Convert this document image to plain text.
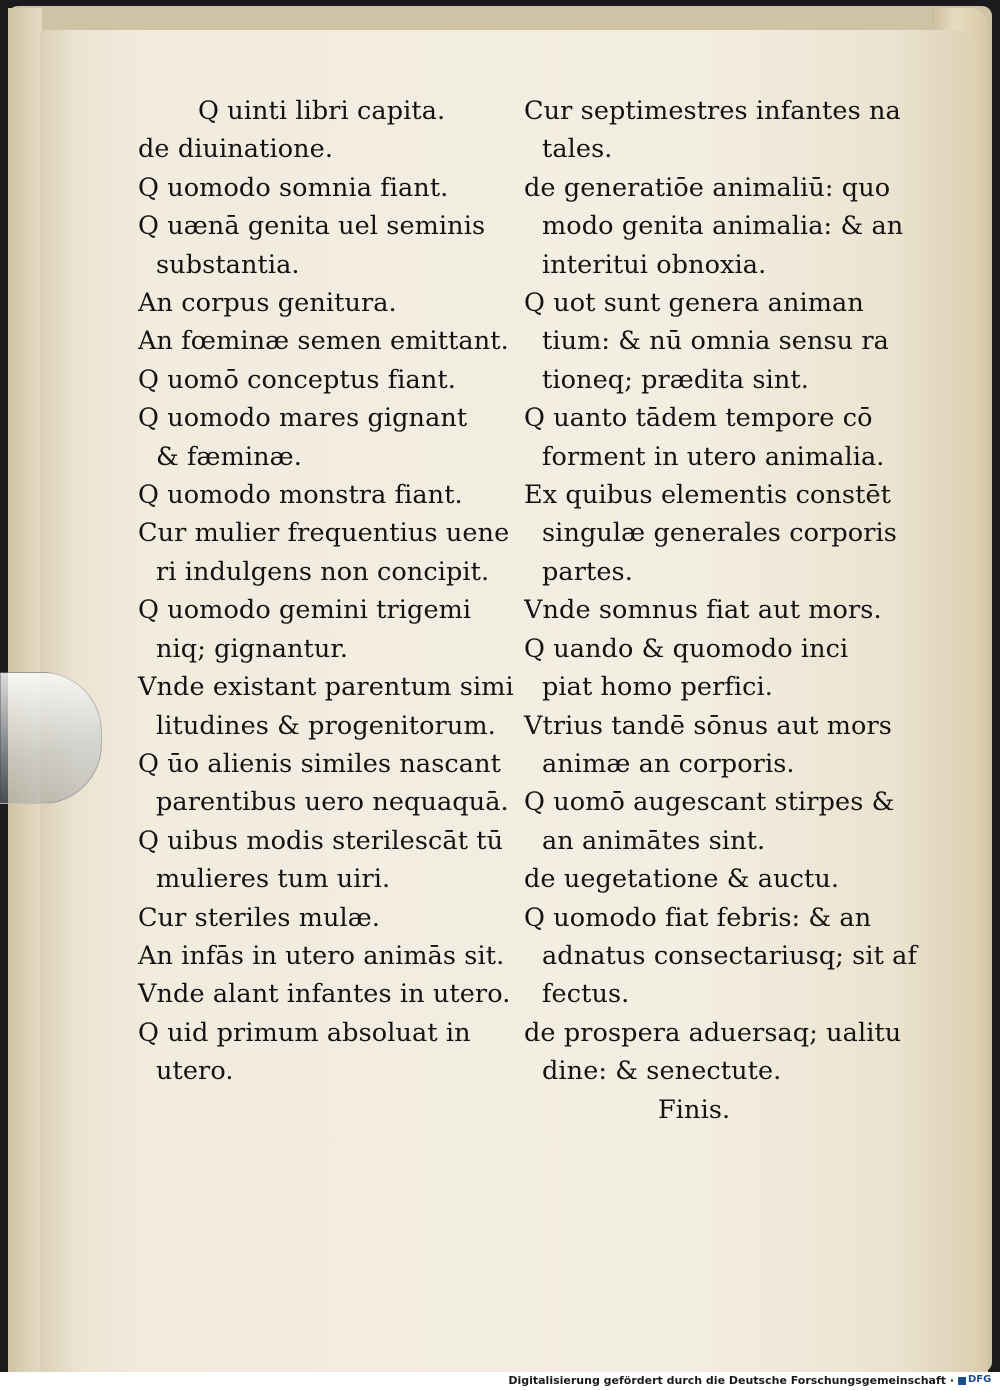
Q uinti libri capita.
de diuinatione.
Q uomodo somnia fiant.
Q uænā genita uel seminis
substantia.
An corpus genitura.
An fœminæ semen emittant.
Q uomō conceptus fiant.
Q uomodo mares gignant
& fæminæ.
Q uomodo monstra fiant.
Cur mulier frequentius uene
ri indulgens non concipit.
Q uomodo gemini trigemi
niq; gignantur.
Vnde existant parentum simi
litudines & progenitorum.
Q ūo alienis similes nascant
parentibus uero nequaquā.
Q uibus modis sterilescāt tū
mulieres tum uiri.
Cur steriles mulæ.
An infās in utero animās sit.
Vnde alant infantes in utero.
Q uid primum absoluat in
utero.
Cur septimestres infantes na
tales.
de generatiōe animaliū: quo
modo genita animalia: & an
interitui obnoxia.
Q uot sunt genera animan
tium: & nū omnia sensu ra
tioneq; prædita sint.
Q uanto tādem tempore cō
forment in utero animalia.
Ex quibus elementis constēt
singulæ generales corporis
partes.
Vnde somnus fiat aut mors.
Q uando & quomodo inci
piat homo perfici.
Vtrius tandē sōnus aut mors
animæ an corporis.
Q uomō augescant stirpes &
an animātes sint.
de uegetatione & auctu.
Q uomodo fiat febris: & an
adnatus consectariusq; sit af
fectus.
de prospera aduersaq; ualitu
dine: & senectute.
Finis.
Digitalisierung gefördert durch die Deutsche Forschungsgemeinschaft · DFG
